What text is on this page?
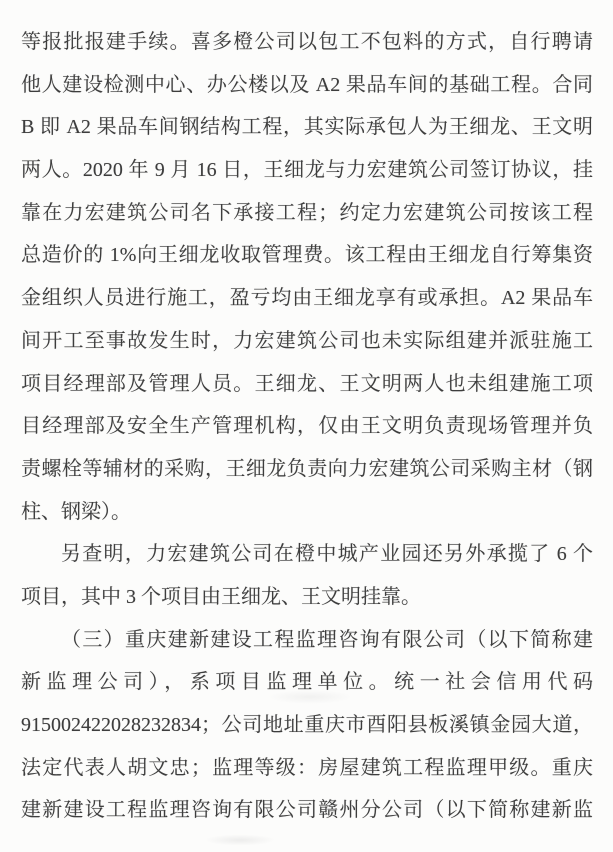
等报批报建手续。喜多橙公司以包工不包料的方式，自行聘请
他人建设检测中心、办公楼以及 A2 果品车间的基础工程。合同
B 即 A2 果品车间钢结构工程，其实际承包人为王细龙、王文明
两人。2020 年 9 月 16 日，王细龙与力宏建筑公司签订协议，挂
靠在力宏建筑公司名下承接工程；约定力宏建筑公司按该工程
总造价的 1%向王细龙收取管理费。该工程由王细龙自行筹集资
金组织人员进行施工，盈亏均由王细龙享有或承担。A2 果品车
间开工至事故发生时，力宏建筑公司也未实际组建并派驻施工
项目经理部及管理人员。王细龙、王文明两人也未组建施工项
目经理部及安全生产管理机构，仅由王文明负责现场管理并负
责螺栓等辅材的采购，王细龙负责向力宏建筑公司采购主材（钢
柱、钢梁）。
另查明，力宏建筑公司在橙中城产业园还另外承揽了 6 个
项目，其中 3 个项目由王细龙、王文明挂靠。
（三）重庆建新建设工程监理咨询有限公司（以下简称建
新监理公司），系项目监理单位。统一社会信用代码
915002422028232834；公司地址重庆市酉阳县板溪镇金园大道，
法定代表人胡文忠；监理等级：房屋建筑工程监理甲级。重庆
建新建设工程监理咨询有限公司赣州分公司（以下简称建新监
